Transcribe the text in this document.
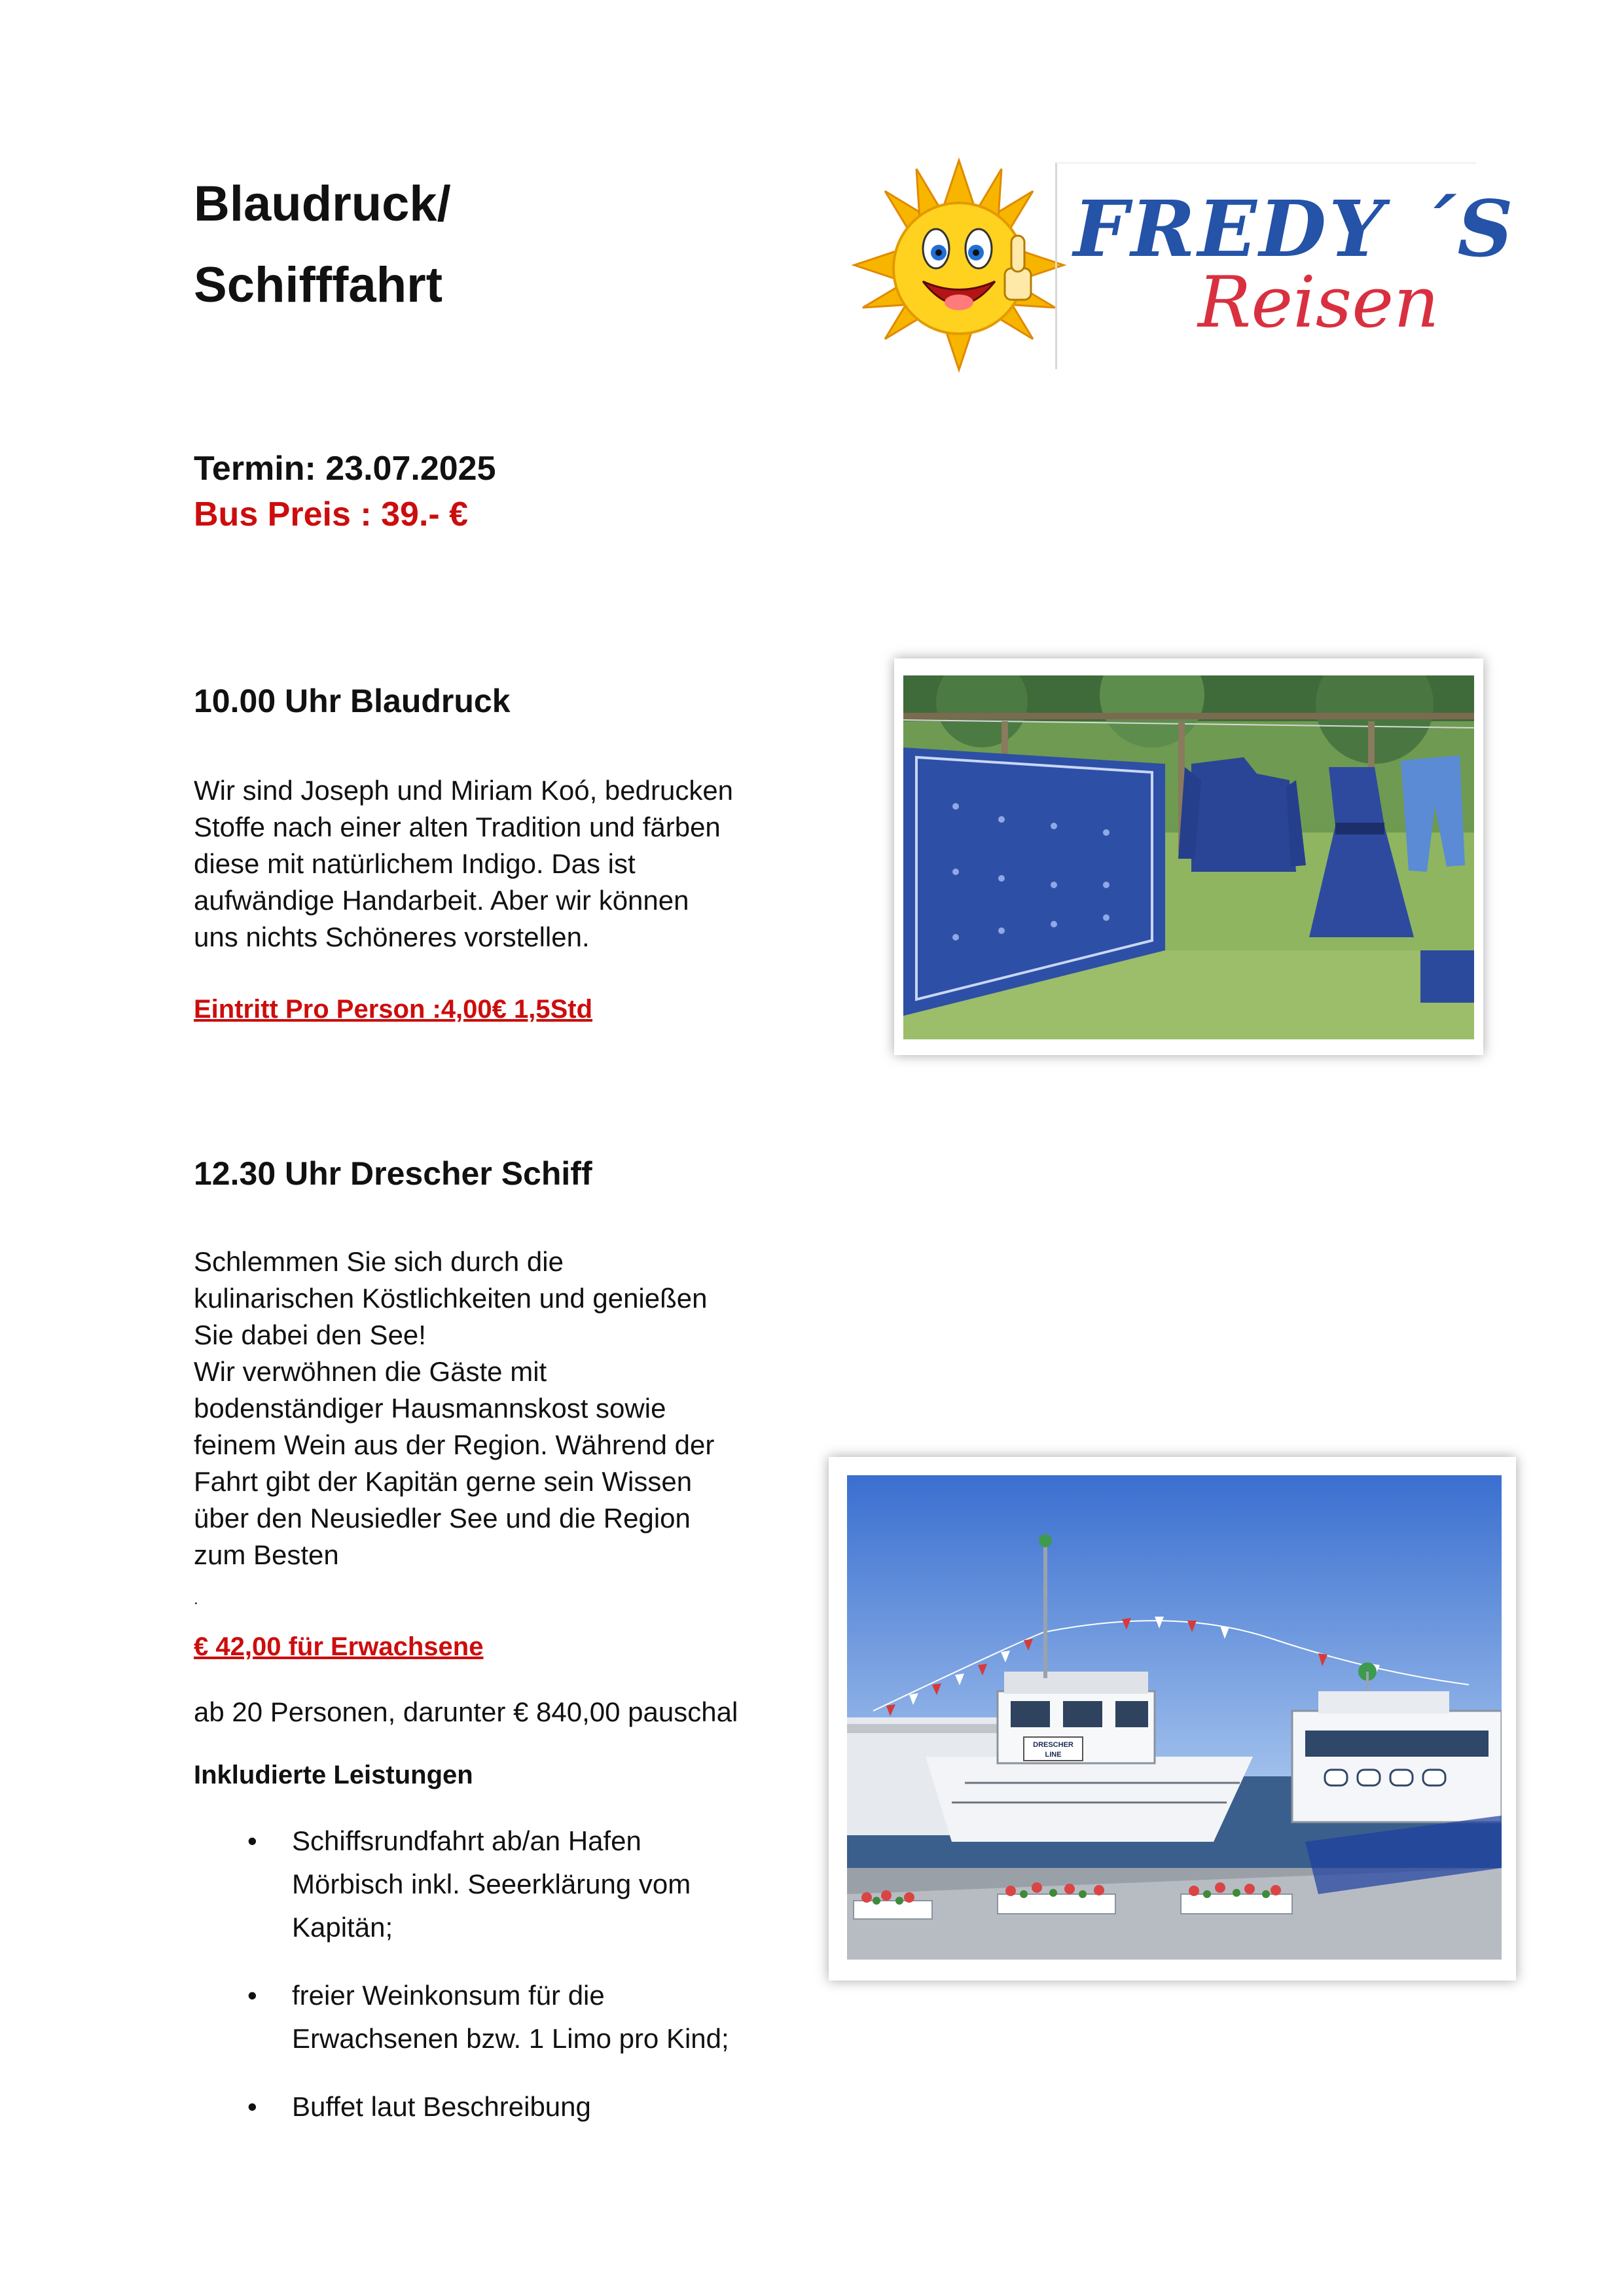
Blaudruck/
Schifffahrt
FREDY ´S
Reisen
Termin: 23.07.2025
Bus Preis : 39.- €
10.00 Uhr Blaudruck
Wir sind Joseph und Miriam Koó, bedrucken
Stoffe nach einer alten Tradition und färben
diese mit natürlichem Indigo. Das ist
aufwändige Handarbeit. Aber wir können
uns nichts Schöneres vorstellen.
Eintritt Pro Person :4,00€ 1,5Std
12.30 Uhr Drescher Schiff
Schlemmen Sie sich durch die
kulinarischen Köstlichkeiten und genießen
Sie dabei den See!
Wir verwöhnen die Gäste mit
bodenständiger Hausmannskost sowie
feinem Wein aus der Region. Während der
Fahrt gibt der Kapitän gerne sein Wissen
über den Neusiedler See und die Region
zum Besten
.
€ 42,00 für Erwachsene
ab 20 Personen, darunter € 840,00 pauschal
Inkludierte Leistungen
• Schiffsrundfahrt ab/an Hafen
Mörbisch inkl. Seeerklärung vom
Kapitän;
• freier Weinkonsum für die
Erwachsenen bzw. 1 Limo pro Kind;
• Buffet laut Beschreibung
DRESCHER
LINE
